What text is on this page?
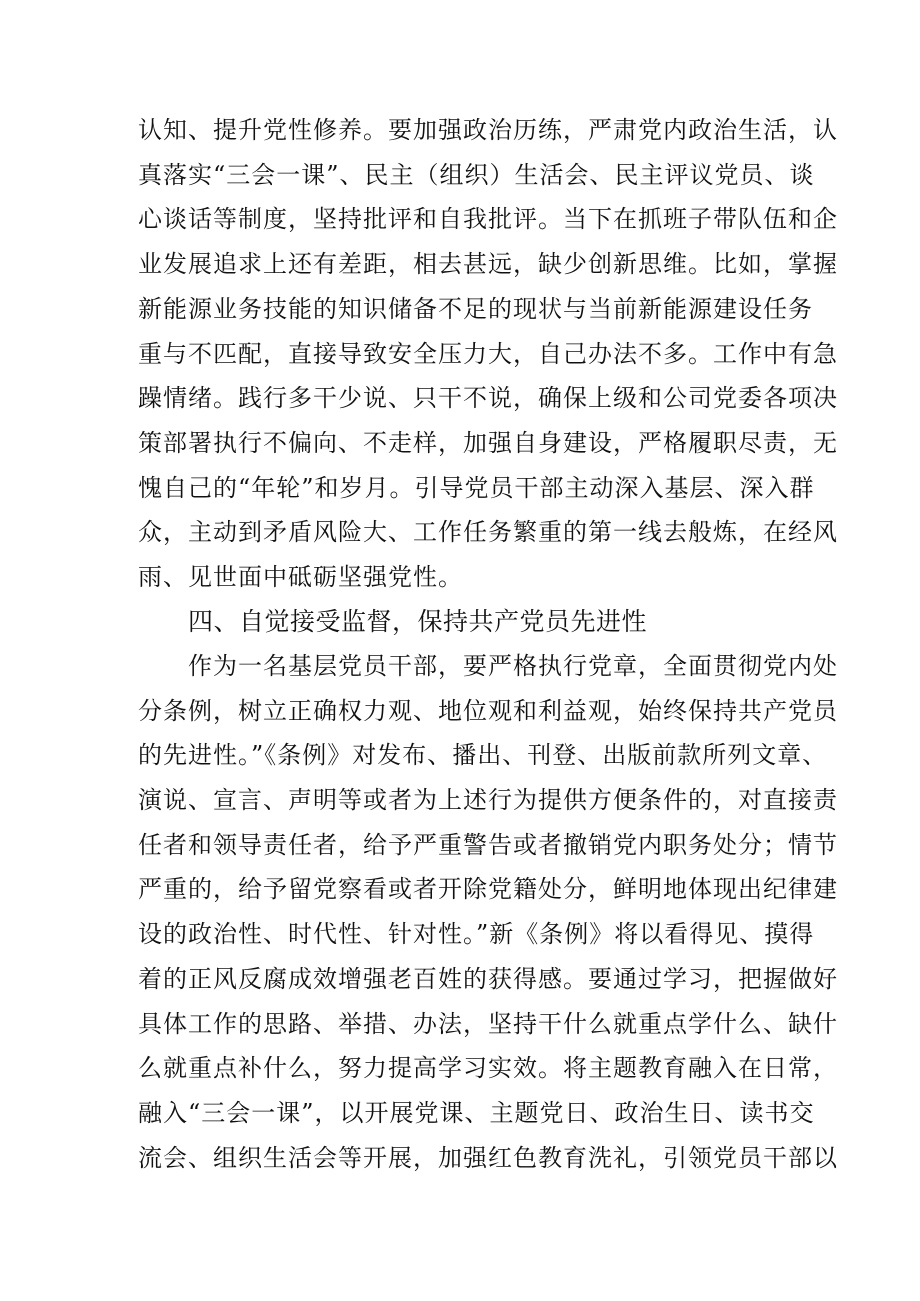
认知、提升党性修养。要加强政治历练，严肃党内政治生活，认
真落实“三会一课”、民主（组织）生活会、民主评议党员、谈
心谈话等制度，坚持批评和自我批评。当下在抓班子带队伍和企
业发展追求上还有差距，相去甚远，缺少创新思维。比如，掌握
新能源业务技能的知识储备不足的现状与当前新能源建设任务
重与不匹配，直接导致安全压力大，自己办法不多。工作中有急
躁情绪。践行多干少说、只干不说，确保上级和公司党委各项决
策部署执行不偏向、不走样，加强自身建设，严格履职尽责，无
愧自己的“年轮”和岁月。引导党员干部主动深入基层、深入群
众，主动到矛盾风险大、工作任务繁重的第一线去般炼，在经风
雨、见世面中砥砺坚强党性。
四、自觉接受监督，保持共产党员先进性
作为一名基层党员干部，要严格执行党章，全面贯彻党内处
分条例，树立正确权力观、地位观和利益观，始终保持共产党员
的先进性。”《条例》对发布、播出、刊登、出版前款所列文章、
演说、宣言、声明等或者为上述行为提供方便条件的，对直接责
任者和领导责任者，给予严重警告或者撤销党内职务处分；情节
严重的，给予留党察看或者开除党籍处分，鲜明地体现出纪律建
设的政治性、时代性、针对性。”新《条例》将以看得见、摸得
着的正风反腐成效增强老百姓的获得感。要通过学习，把握做好
具体工作的思路、举措、办法，坚持干什么就重点学什么、缺什
么就重点补什么，努力提高学习实效。将主题教育融入在日常，
融入“三会一课”，以开展党课、主题党日、政治生日、读书交
流会、组织生活会等开展，加强红色教育洗礼，引领党员干部以
